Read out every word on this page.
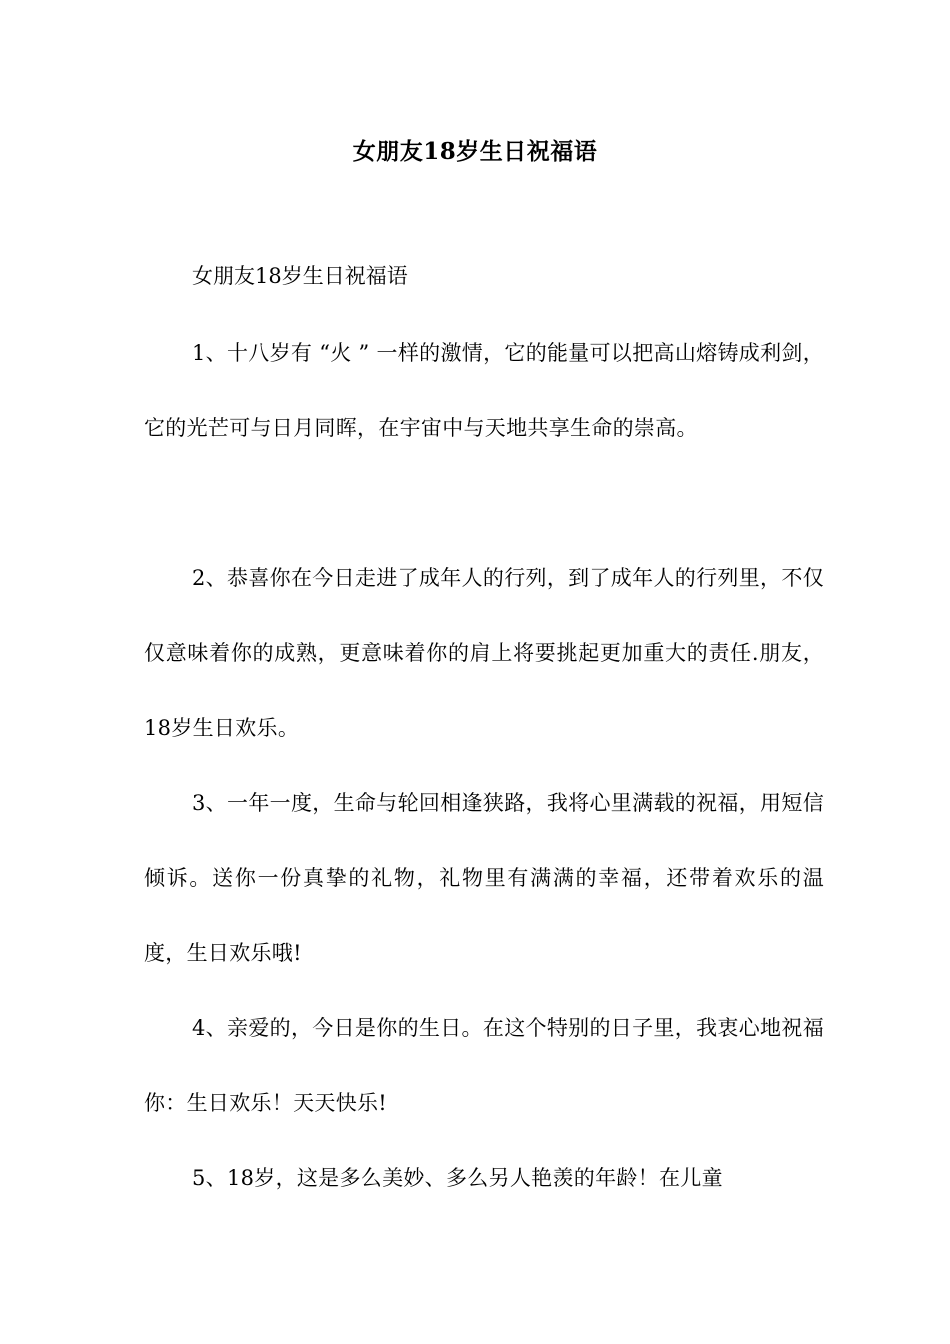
女朋友18岁生日祝福语
女朋友18岁生日祝福语

1、十八岁有 “火 ” 一样的激情，它的能量可以把高山熔铸成利剑，它的光芒可与日月同晖，在宇宙中与天地共享生命的崇高。

2、恭喜你在今日走进了成年人的行列，到了成年人的行列里，不仅仅意味着你的成熟，更意味着你的肩上将要挑起更加重大的责任.朋友，18岁生日欢乐。

3、一年一度，生命与轮回相逢狭路，我将心里满载的祝福，用短信倾诉。送你一份真挚的礼物，礼物里有满满的幸福，还带着欢乐的温度，生日欢乐哦!

4、亲爱的，今日是你的生日。在这个特别的日子里，我衷心地祝福你：生日欢乐！天天快乐!

5、18岁，这是多么美妙、多么另人艳羡的年龄！在儿童
